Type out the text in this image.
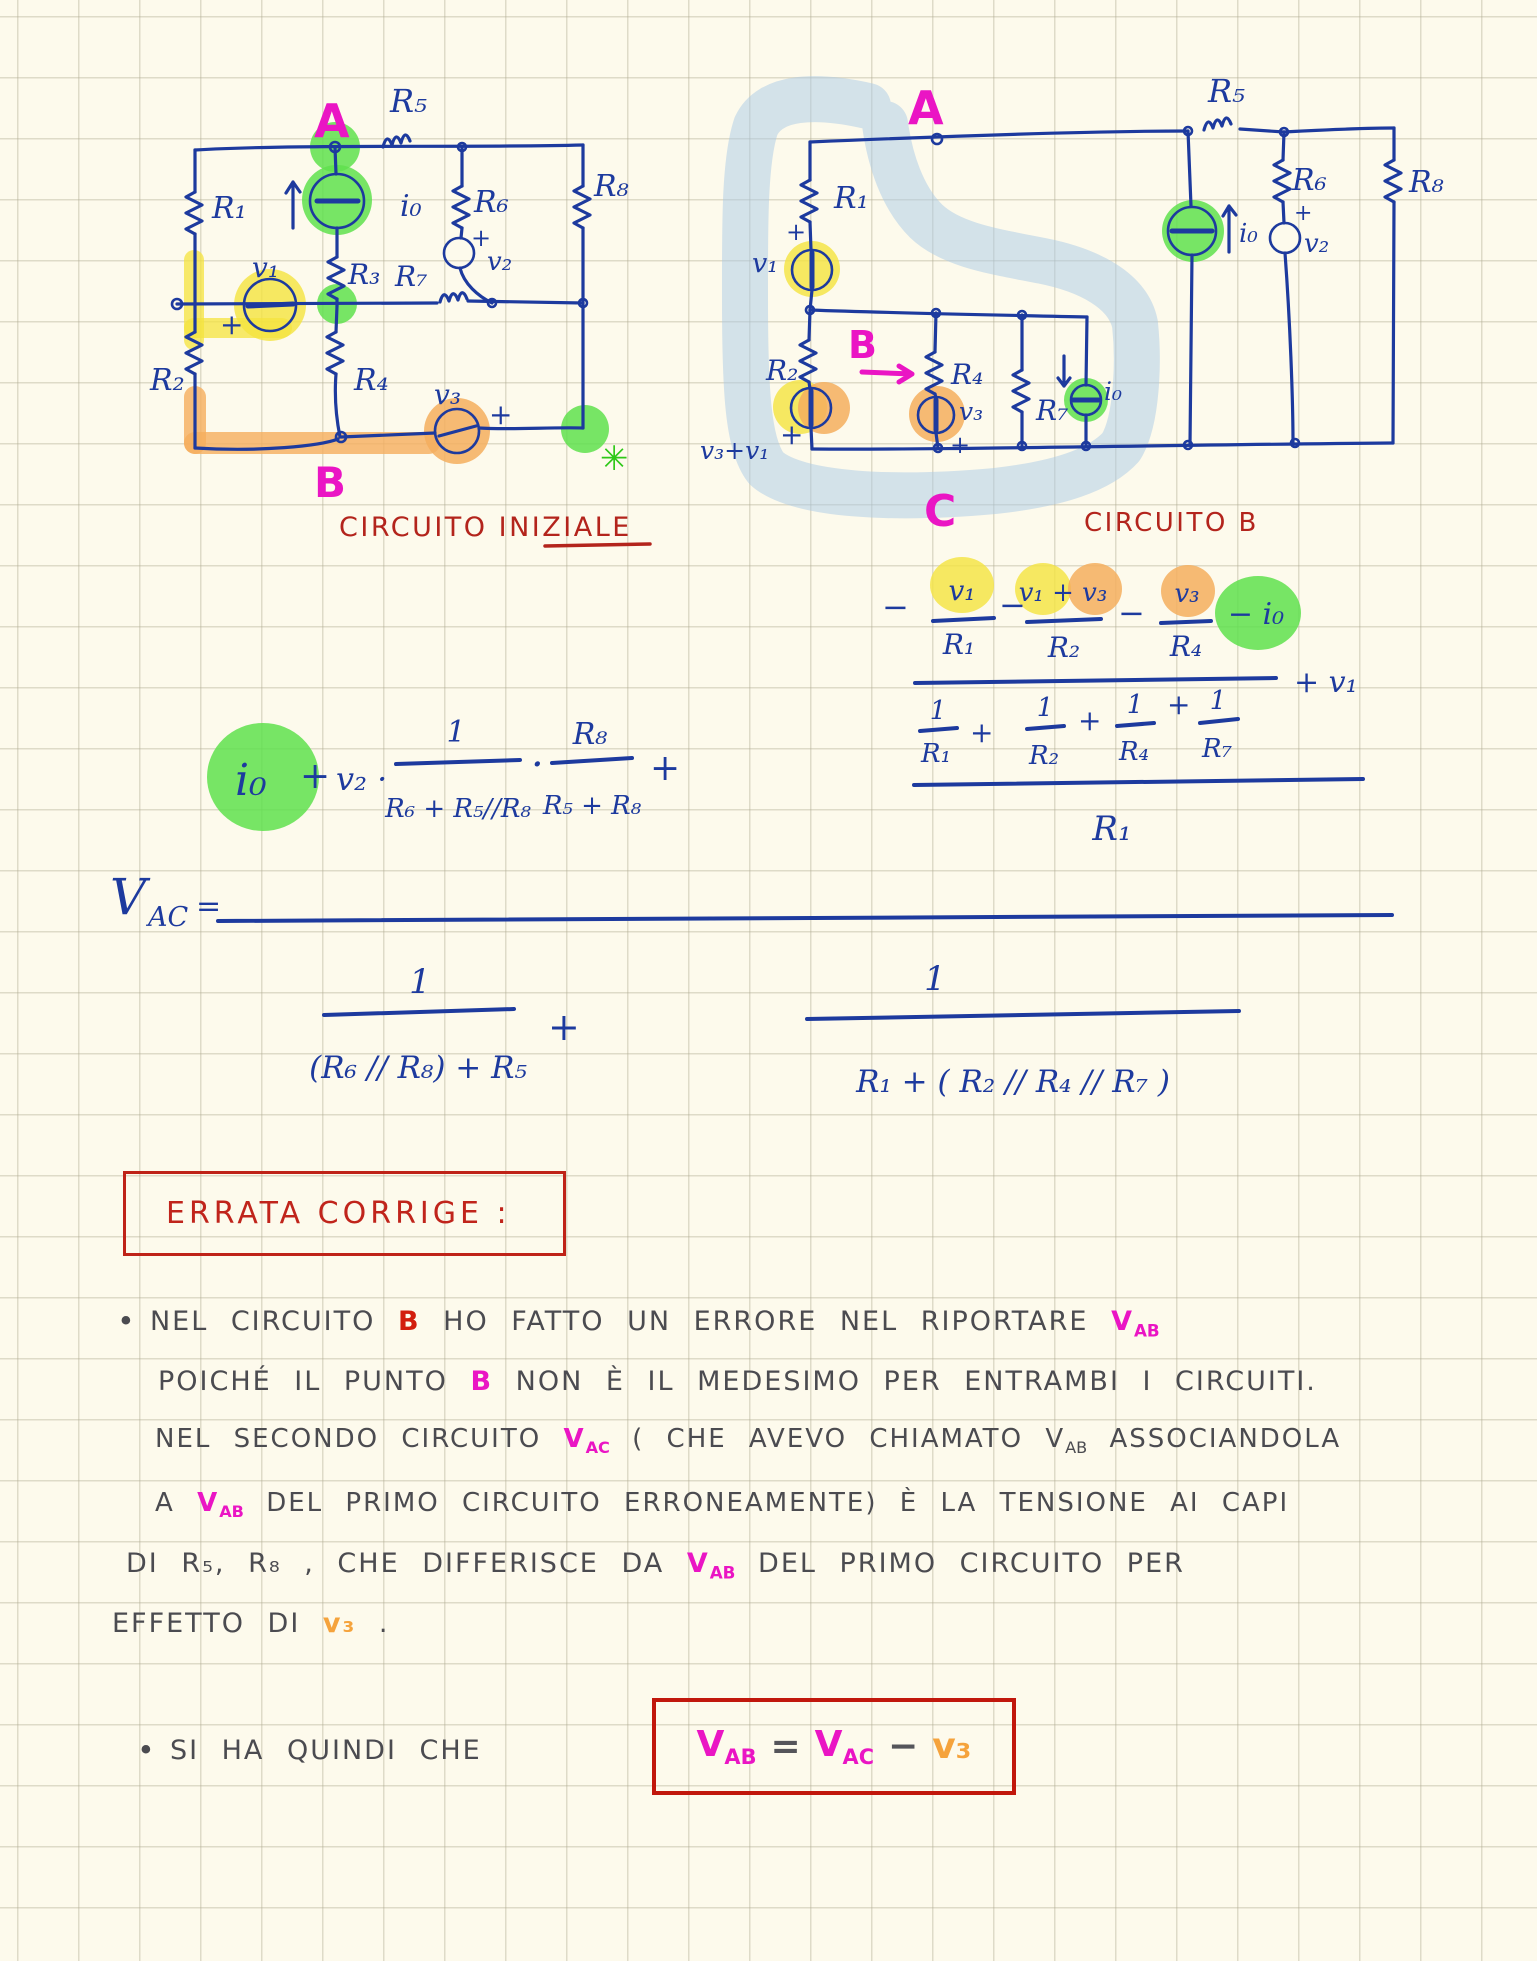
R₅
R₁
R₂
R₃ R₇
R₄
R₆	R₈
i₀
v₁	v₂
v₃
+
+
+
A
B	✳
CIRCUITO INIZIALE
R₅
R₈
R₁
v₁
+
R₂
v₃+v₁ +
R₄
v₃
+
R₇
i₀
i₀
R₆
v₂
+
A
B
C	CIRCUITO B
i₀ + v₂ ·
1
R₆ + R₅//R₈
·
R₈
R₅ + R₈
+
− v₁
R₁
−
v₁ + v₃
R₂
− v₃
R₄
− i₀
+ v₁
1
R₁
+
1
R₂
+ 1
R₄
+ 1
R₇
R₁
V AC =
1
(R₆ // R₈) + R₅
+
1
R₁ + ( R₂ // R₄ // R₇ )
ERRATA CORRIGE :
• NEL CIRCUITO B HO FATTO UN ERRORE NEL RIPORTARE $V_{AB}$
POICHÉ IL PUNTO B NON È IL MEDESIMO PER ENTRAMBI I CIRCUITI.
NEL SECONDO CIRCUITO $V_{AC}$ ( CHE AVEVO CHIAMATO $V_{AB}$ ASSOCIANDOLA
A $V_{AB}$ DEL PRIMO CIRCUITO ERRONEAMENTE) È LA TENSIONE AI CAPI
DI R₅, R₈ , CHE DIFFERISCE DA $V_{AB}$ DEL PRIMO CIRCUITO PER
EFFETTO DI v₃ .
• SI HA QUINDI CHE	$V_{AB} = V_{AC} - v_3$
